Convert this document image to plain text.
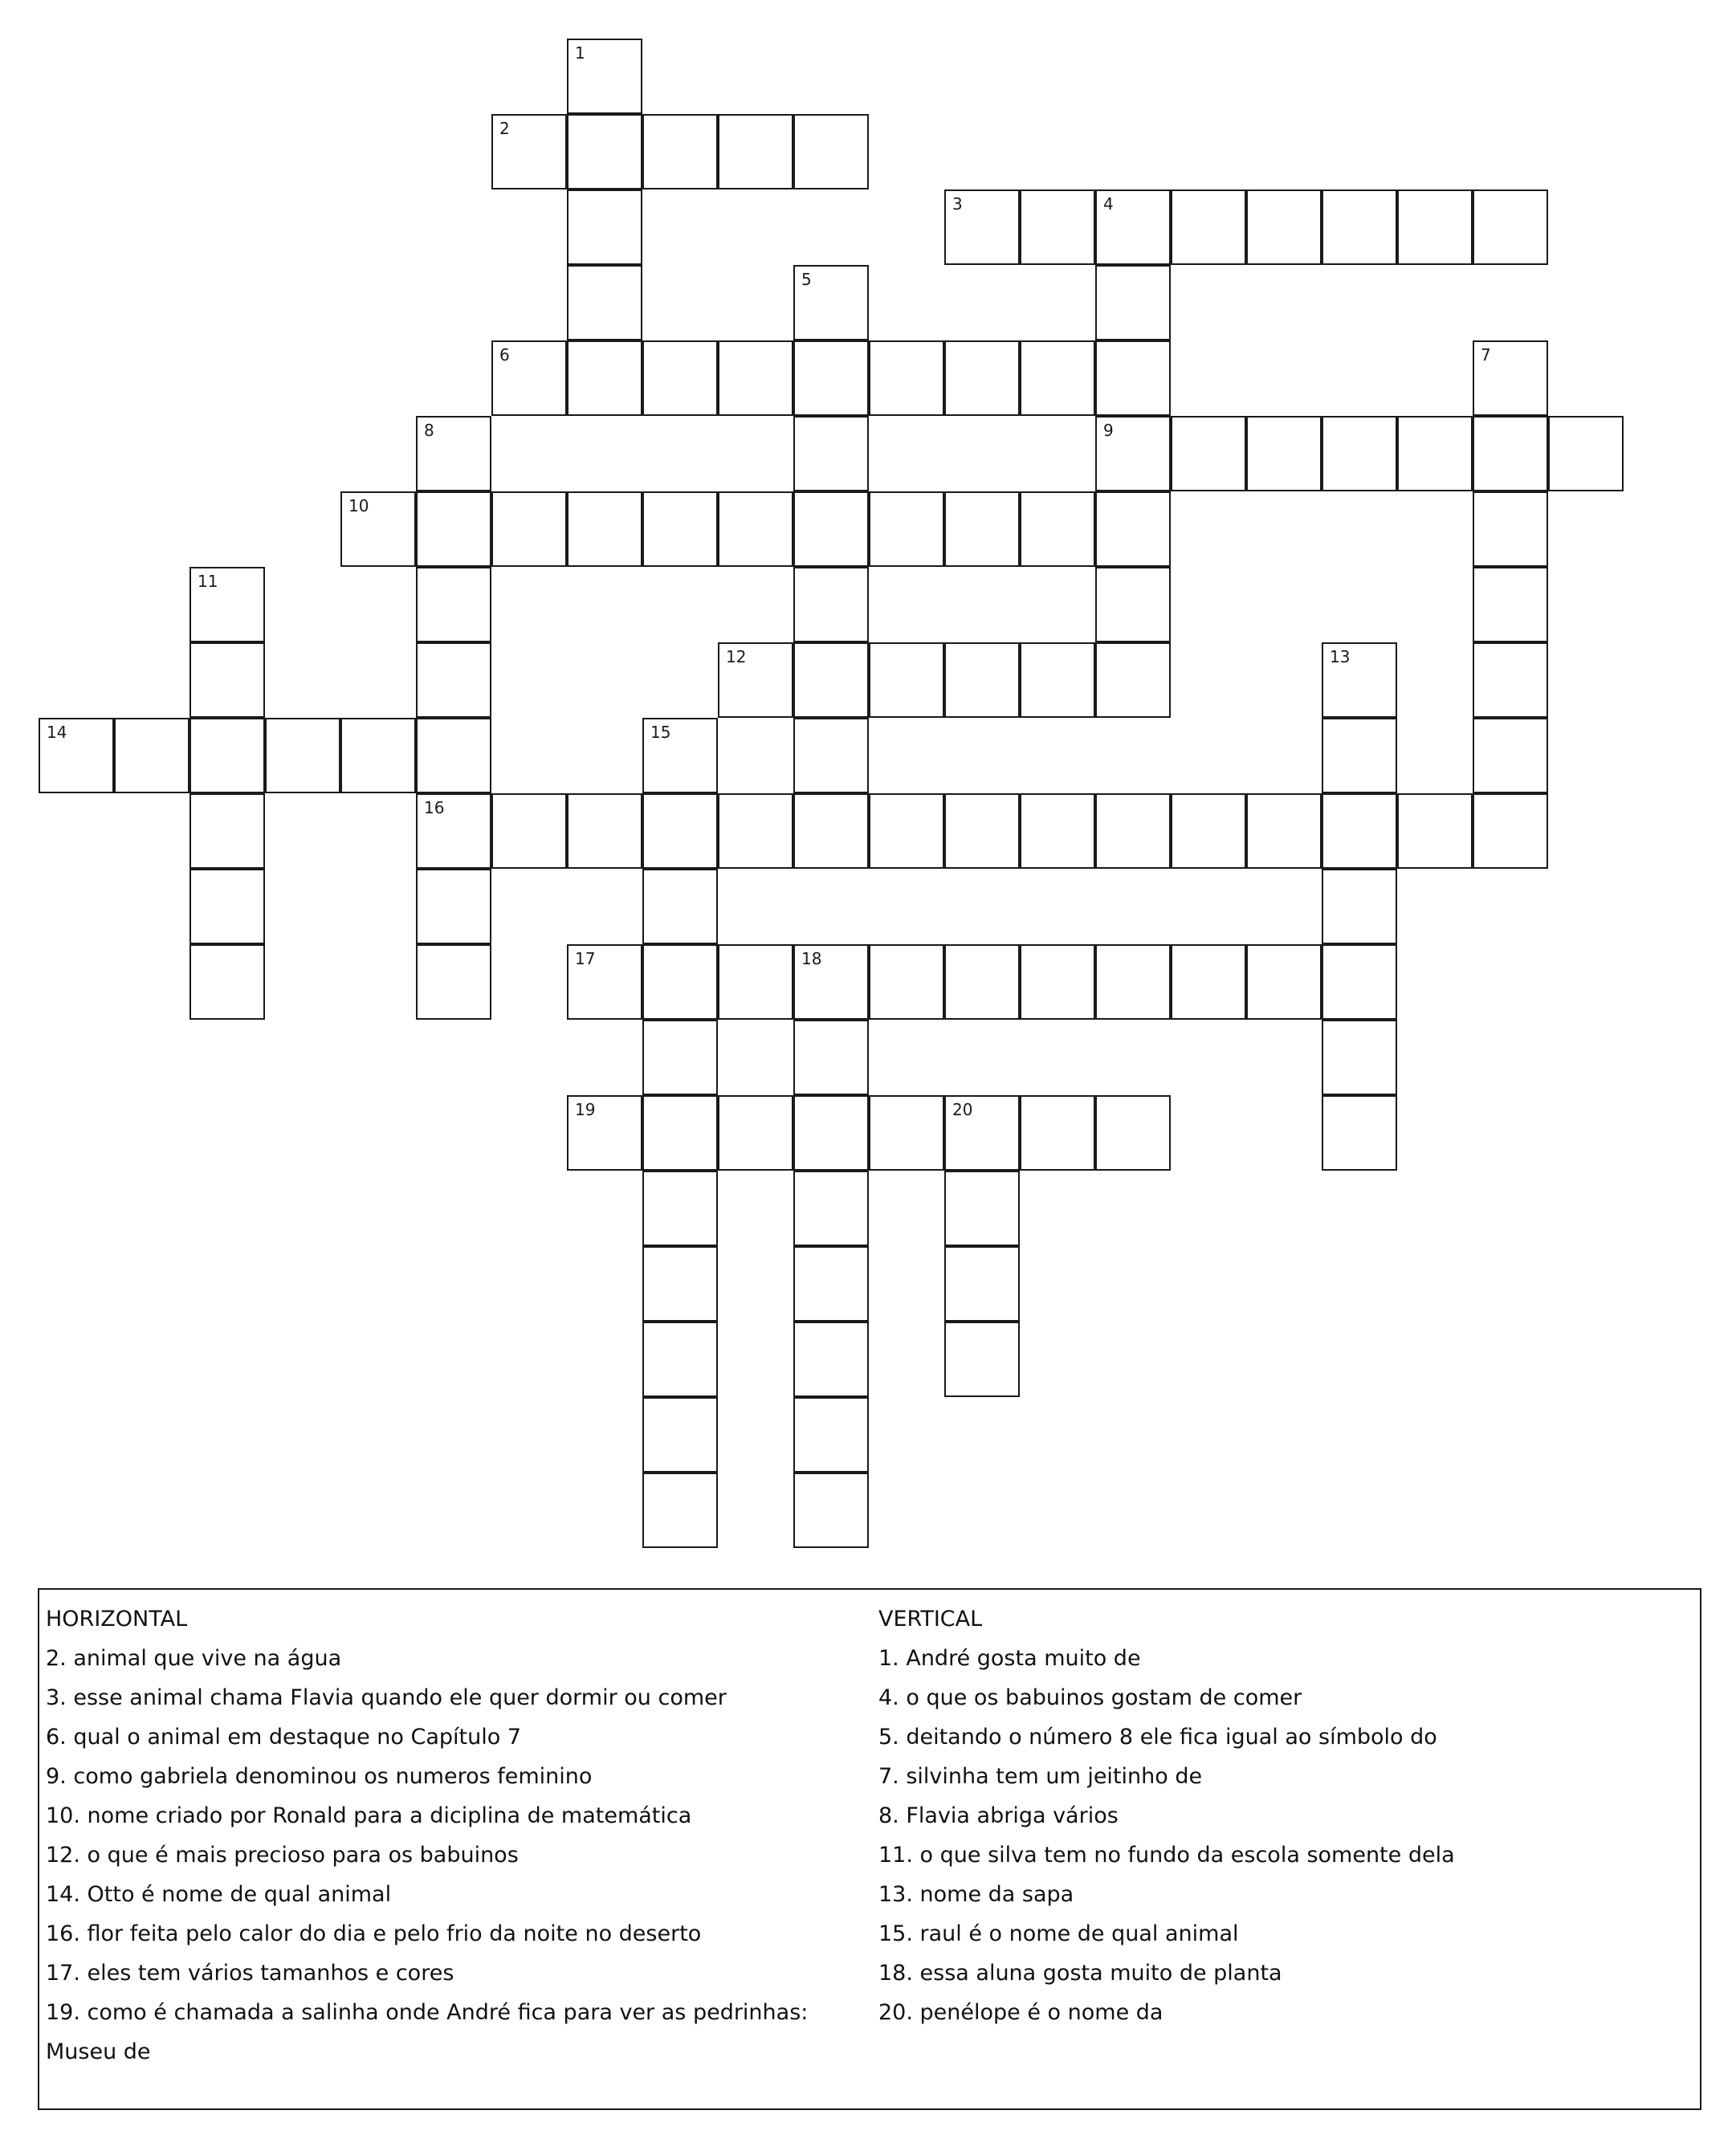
1
2
3	4
9
5
6	7
8
16
10
11
12	13
14	15
17	18
19	20
HORIZONTAL
2. animal que vive na água
3. esse animal chama Flavia quando ele quer dormir ou comer
6. qual o animal em destaque no Capítulo 7
9. como gabriela denominou os numeros feminino
10. nome criado por Ronald para a diciplina de matemática
12. o que é mais precioso para os babuinos
14. Otto é nome de qual animal
16. flor feita pelo calor do dia e pelo frio da noite no deserto
17. eles tem vários tamanhos e cores
19. como é chamada a salinha onde André fica para ver as pedrinhas:
Museu de
VERTICAL
1. André gosta muito de
4. o que os babuinos gostam de comer
5. deitando o número 8 ele fica igual ao símbolo do
7. silvinha tem um jeitinho de
8. Flavia abriga vários
11. o que silva tem no fundo da escola somente dela
13. nome da sapa
15. raul é o nome de qual animal
18. essa aluna gosta muito de planta
20. penélope é o nome da
